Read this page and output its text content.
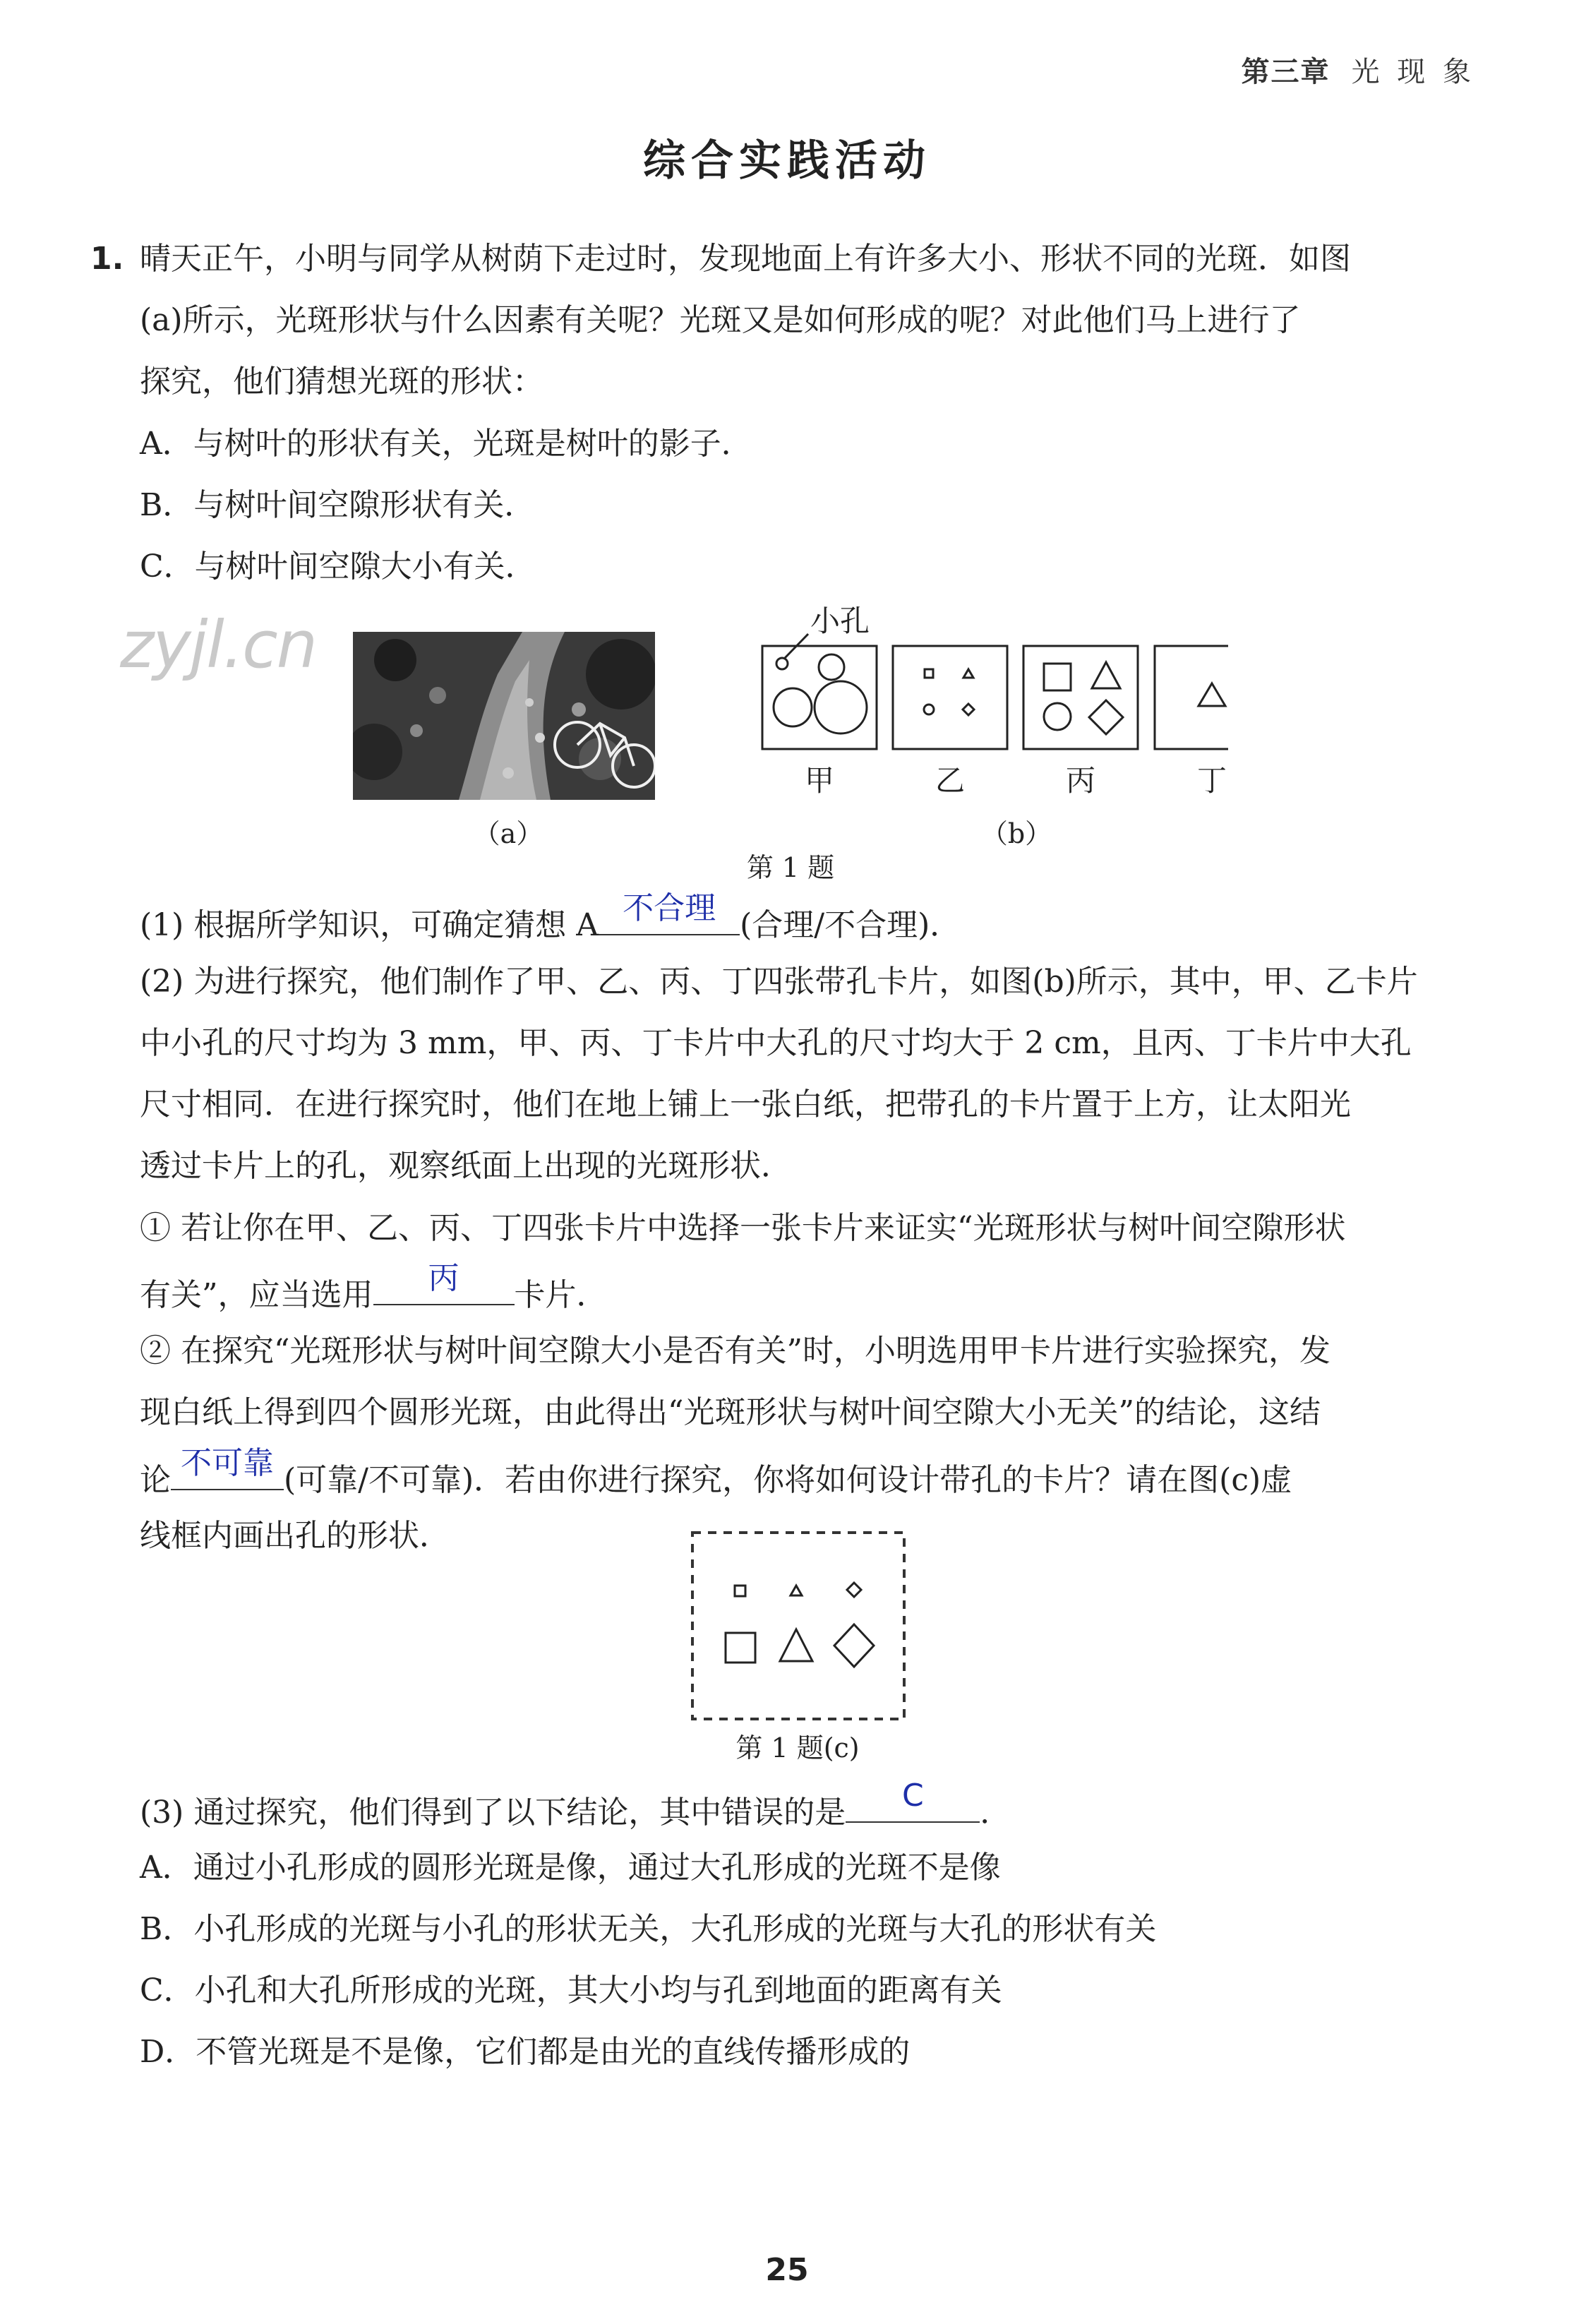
第三章 光 现 象
综合实践活动
1. 晴天正午，小明与同学从树荫下走过时，发现地面上有许多大小、形状不同的光斑．如图
(a)所示，光斑形状与什么因素有关呢？光斑又是如何形成的呢？对此他们马上进行了
探究，他们猜想光斑的形状：
A．与树叶的形状有关，光斑是树叶的影子．
B．与树叶间空隙形状有关．
C．与树叶间空隙大小有关．
zyjl.cn
（a）
小孔
甲	乙	丙	丁
（b）
第 1 题
(1) 根据所学知识，可确定猜想 A 不合理 (合理/不合理)．
(2) 为进行探究，他们制作了甲、乙、丙、丁四张带孔卡片，如图(b)所示，其中，甲、乙卡片
中小孔的尺寸均为 3 mm，甲、丙、丁卡片中大孔的尺寸均大于 2 cm，且丙、丁卡片中大孔
尺寸相同．在进行探究时，他们在地上铺上一张白纸，把带孔的卡片置于上方，让太阳光
透过卡片上的孔，观察纸面上出现的光斑形状．
① 若让你在甲、乙、丙、丁四张卡片中选择一张卡片来证实“光斑形状与树叶间空隙形状
有关”，应当选用	丙	卡片．
② 在探究“光斑形状与树叶间空隙大小是否有关”时，小明选用甲卡片进行实验探究，发
现白纸上得到四个圆形光斑，由此得出“光斑形状与树叶间空隙大小无关”的结论，这结
论 不可靠 (可靠/不可靠)．若由你进行探究，你将如何设计带孔的卡片？请在图(c)虚
线框内画出孔的形状．
第 1 题(c)
(3) 通过探究，他们得到了以下结论，其中错误的是	C	．
A．通过小孔形成的圆形光斑是像，通过大孔形成的光斑不是像
B．小孔形成的光斑与小孔的形状无关，大孔形成的光斑与大孔的形状有关
C．小孔和大孔所形成的光斑，其大小均与孔到地面的距离有关
D．不管光斑是不是像，它们都是由光的直线传播形成的
25
